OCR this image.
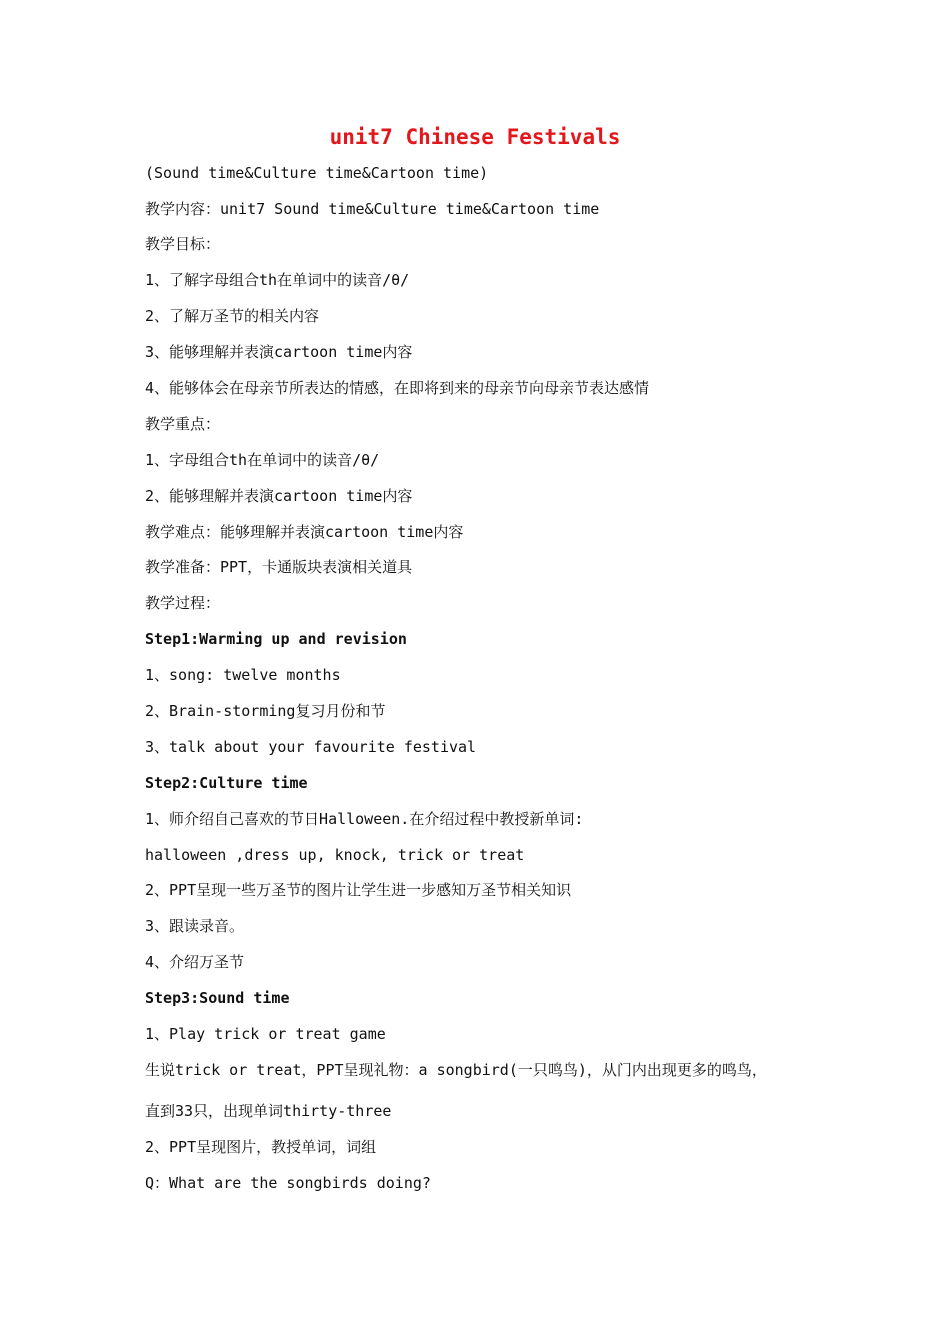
unit7 Chinese Festivals
(Sound time&Culture time&Cartoon time)
教学内容：unit7 Sound time&Culture time&Cartoon time
教学目标：
1、了解字母组合th在单词中的读音/θ/
2、了解万圣节的相关内容
3、能够理解并表演cartoon time内容
4、能够体会在母亲节所表达的情感，在即将到来的母亲节向母亲节表达感情
教学重点：
1、字母组合th在单词中的读音/θ/
2、能够理解并表演cartoon time内容
教学难点：能够理解并表演cartoon time内容
教学准备：PPT，卡通版块表演相关道具
教学过程：
Step1:Warming up and revision
1、song: twelve months
2、Brain-storming复习月份和节
3、talk about your favourite festival
Step2:Culture time
1、师介绍自己喜欢的节日Halloween.在介绍过程中教授新单词:
halloween ,dress up, knock, trick or treat
2、PPT呈现一些万圣节的图片让学生进一步感知万圣节相关知识
3、跟读录音。
4、介绍万圣节
Step3:Sound time
1、Play trick or treat game
生说trick or treat，PPT呈现礼物：a songbird(一只鸣鸟)，从门内出现更多的鸣鸟，
直到33只，出现单词thirty-three
2、PPT呈现图片，教授单词，词组
Q：What are the songbirds doing?
